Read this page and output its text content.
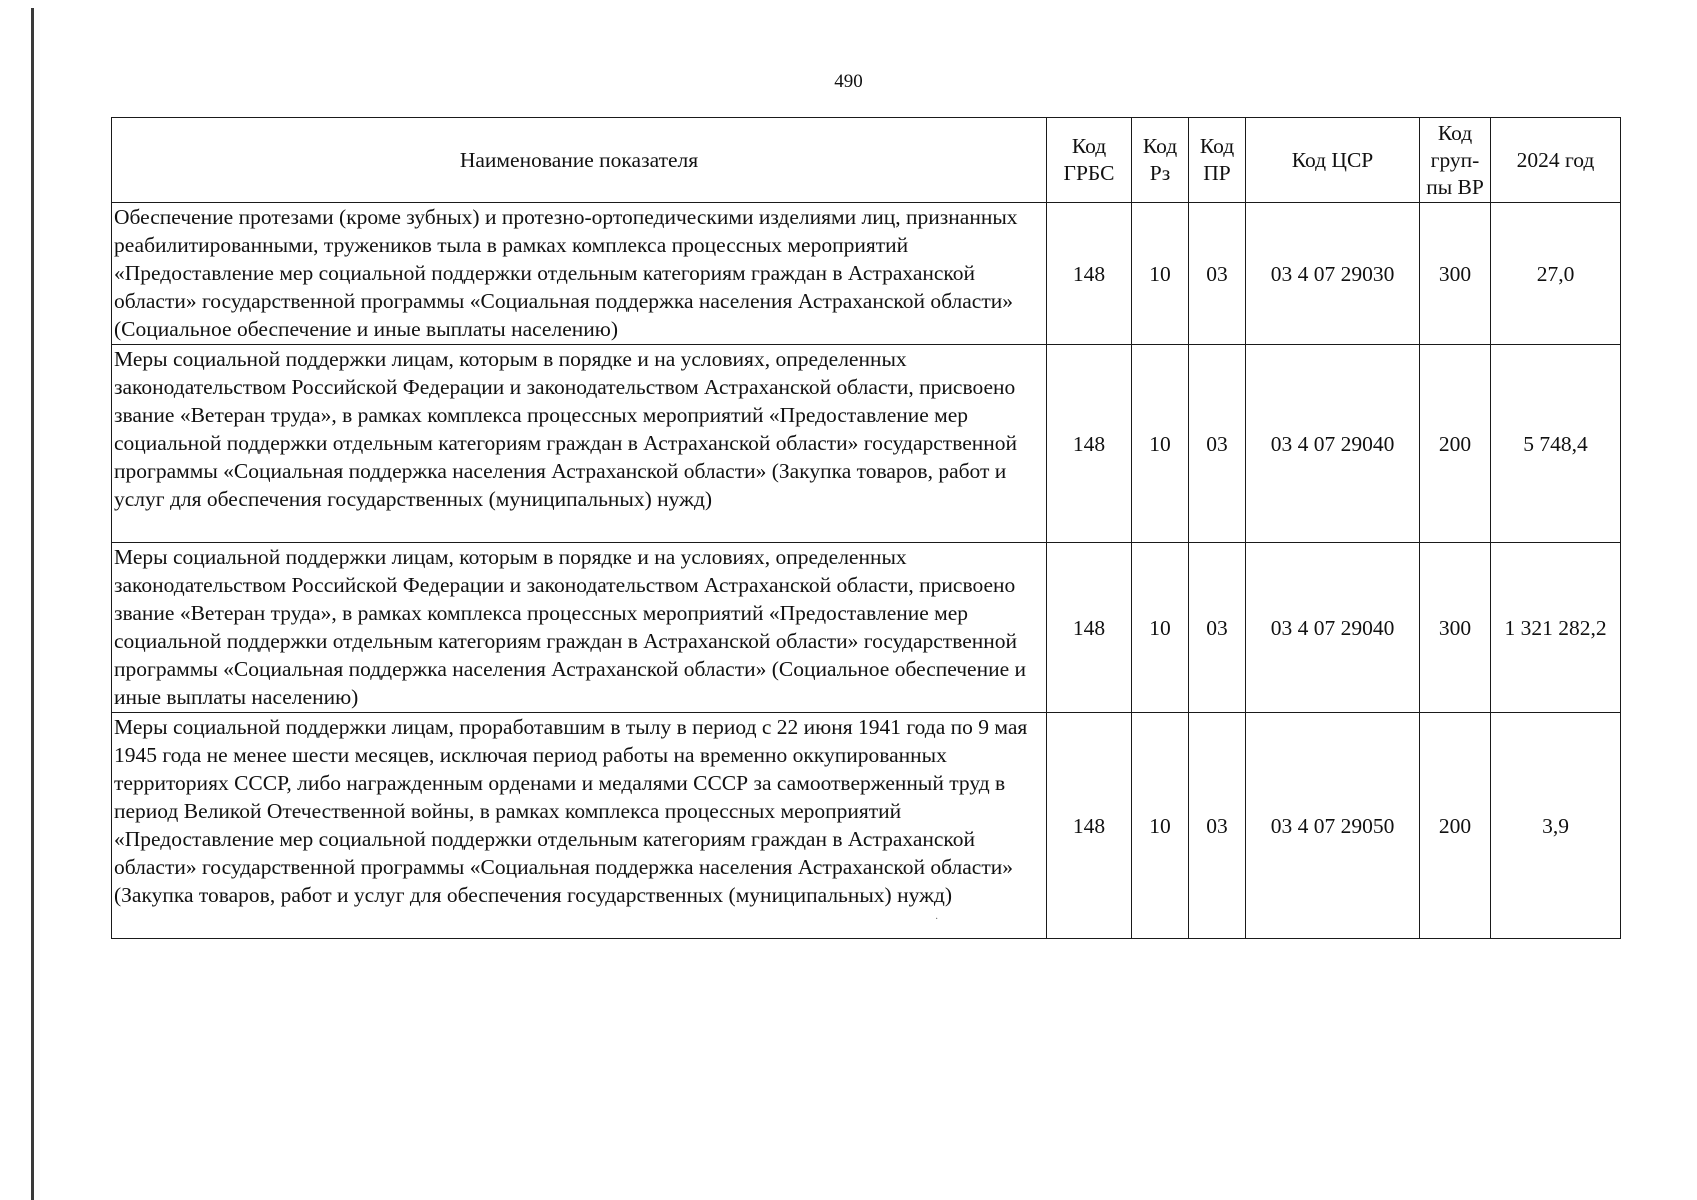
490
Наименование показателя	Код ГРБС	Код Рз	Код ПР	Код ЦСР	Код груп-пы ВР	2024 год
Обеспечение протезами (кроме зубных) и протезно-ортопедическими изделиями лиц, признанных реабилитированными, тружеников тыла в рамках комплекса процессных мероприятий «Предоставление мер социальной поддержки отдельным категориям граждан в Астраханской области» государственной программы «Социальная поддержка населения Астраханской области» (Социальное обеспечение и иные выплаты населению)	148	10	03	03 4 07 29030	300	27,0
Меры социальной поддержки лицам, которым в порядке и на условиях, определенных законодательством Российской Федерации и законодательством Астраханской области, присвоено звание «Ветеран труда», в рамках комплекса процессных мероприятий «Предоставление мер социальной поддержки отдельным категориям граждан в Астраханской области» государственной программы «Социальная поддержка населения Астраханской области» (Закупка товаров, работ и услуг для обеспечения государственных (муниципальных) нужд)	148	10	03	03 4 07 29040	200	5 748,4
Меры социальной поддержки лицам, которым в порядке и на условиях, определенных законодательством Российской Федерации и законодательством Астраханской области, присвоено звание «Ветеран труда», в рамках комплекса процессных мероприятий «Предоставление мер социальной поддержки отдельным категориям граждан в Астраханской области» государственной программы «Социальная поддержка населения Астраханской области» (Социальное обеспечение и иные выплаты населению)	148	10	03	03 4 07 29040	300	1 321 282,2
Меры социальной поддержки лицам, проработавшим в тылу в период с 22 июня 1941 года по 9 мая 1945 года не менее шести месяцев, исключая период работы на временно оккупированных территориях СССР, либо награжденным орденами и медалями СССР за самоотверженный труд в период Великой Отечественной войны, в рамках комплекса процессных мероприятий «Предоставление мер социальной поддержки отдельным категориям граждан в Астраханской области» государственной программы «Социальная поддержка населения Астраханской области» (Закупка товаров, работ и услуг для обеспечения государственных (муниципальных) нужд)	148	10	03	03 4 07 29050	200	3,9
·
